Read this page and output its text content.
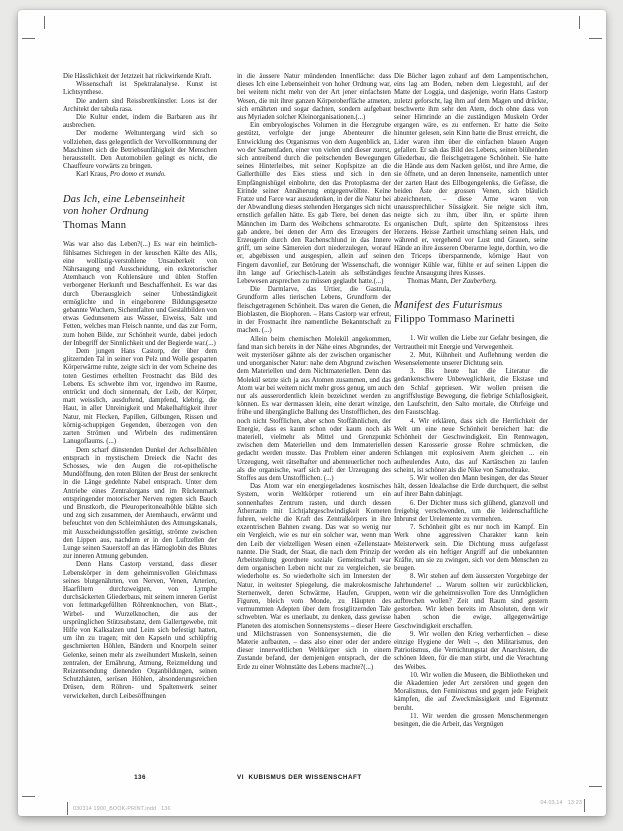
Die Hässlichkeit der Jetztzeit hat rückwirkende Kraft.

Wissenschaft ist Spektralanalyse. Kunst ist Lichtsynthese.

Die andern sind Reissbrettkünstler. Loos ist der Architekt der tabula rasa.

Die Kultur endet, indem die Barbaren aus ihr ausbrechen.

Der moderne Weltuntergang wird sich so vollziehen, dass gelegentlich der Vervollkommnung der Maschinen sich die Betriebsunfähigkeit der Menschen herausstellt. Den Automobilen gelingt es nicht, die Chauffeure vorwärts zu bringen.

Karl Kraus, Pro domo et mundo.

Das Ich, eine Lebenseinheit
von hoher Ordnung
Thomas Mann

Was war also das Leben?(...) Es war ein heimlich-fühlsames Sichregen in der keuschen Kälte des Alls, eine wollüstig-verstohlene Unsauberkeit von Nährsaugung und Ausscheidung, ein exkretorischer Atemhauch von Kohlensäure und üblen Stoffen verborgener Herkunft und Beschaffenheit. Es war das durch Überausgleich seiner Unbeständigkeit ermöglichte und in eingeborene Bildungsgesetze gebannte Wuchern, Sichentfalten und Gestaltbilden von etwas Gedunsenem aus Wasser, Eiweiss, Salz und Fetten, welches man Fleisch nannte, und das zur Form, zum hohen Bilde, zur Schönheit wurde, dabei jedoch der Inbegriff der Sinnlichkeit und der Begierde war.(...)

Dem jungen Hans Castorp, der über dem glitzernden Tal in seiner von Pelz und Wolle gesparten Körperwärme ruhte, zeigte sich in der vom Scheine des toten Gestirnes erhellten Frostnacht das Bild des Lebens. Es schwebte ihm vor, irgendwo im Raume, entrückt und doch sinnennah, der Leib, der Körper, matt weisslich, ausduftend, dampfend, klebrig, die Haut, in aller Unreinigkeit und Makelhaftigkeit ihrer Natur, mit Flecken, Papillen, Gilbungen, Rissen und körnig-schuppigen Gegenden, überzogen von den zarten Strömen und Wirbeln des rudimentären Lanugoflaums. (...)

Dem scharf dünstenden Dunkel der Achselhöhlen entsprach in mystischem Dreieck die Nacht des Schosses, wie den Augen die rot-epithelische Mundöffnung, den roten Blüten der Brust der senkrecht in die Länge gedehnte Nabel entsprach. Unter dem Antriebe eines Zentralorgans und im Rückenmark entspringender motorischer Nerven regten sich Bauch und Brustkorb, die Pleuroperitonealhöhle blähte sich und zog sich zusammen, der Atemhauch, erwärmt und befeuchtet von den Schleimhäuten des Atmungskanals, mit Ausscheidungsstoffen gesättigt, strömte zwischen den Lippen aus, nachdem er in den Luftzellen der Lunge seinen Sauerstoff an das Hämoglobin des Blutes zur inneren Atmung gebunden.

Denn Hans Castorp verstand, dass dieser Lebenskörper in dem geheimnisvollen Gleichmass seines blutgenährten, von Nerven, Venen, Arterien, Haarfiltern durchzweigten, von Lymphe durchsäckerten Gliederbaus, mit seinem inneren Gerüst von fettmarkgefüllten Röhrenknochen, von Blatt-, Wirbel- und Wurzelknochen, die aus der ursprünglichen Stützsubstanz, dem Gallertgewebe, mit Hilfe von Kalksalzen und Leim sich befestigt hatten, um ihn zu tragen; mit den Kapseln und schlüpfrig geschmierten Höhlen, Bändern und Knorpeln seiner Gelenke, seinen mehr als zweihundert Muskeln, seinen zentralen, der Ernährung, Atmung, Reizmeldung und Reizentsendung dienenden Organbildungen, seinen Schutzhäuten, serösen Höhlen, absonderungsreichen Drüsen, dem Röhren- und Spaltenwerk seiner verwickelten, durch Leibesöffnungen

in die äussere Natur mündenden Innenfläche: dass dieses Ich eine Lebenseinheit von hoher Ordnung war, bei weitem nicht mehr von der Art jener einfachsten Wesen, die mit ihrer ganzen Körperoberfläche atmeten, sich ernährten und sogar dachten, sondern aufgebaut aus Myriaden solcher Kleinorganisationen.(...)

Ein embryologisches Volumen in die Herzgrube gestützt, verfolgte der junge Abenteurer die Entwicklung des Organismus von dem Augenblick an, wo der Samenfaden, einer von vielen und dieser zuerst, sich antreibend durch die peitschenden Bewegungen seines Hinterleibes, mit seiner Kopfspitze an die Gallerthülle des Eies stiess und sich in den Empfängnishügel einbohrte, den das Protoplasma der Eirinde seiner Annäherung entgegenwölbte. Keine Fratze und Farce war auszudenken, in der die Natur bei der Abwandlung dieses stehenden Herganges sich nicht ernstlich gefallen hätte. Es gab Tiere, bei denen das Männchen im Darm des Weibchens schmarotzte. Es gab andere, bei denen der Arm des Erzeugers der Erzeugerin durch den Rachenschlund in das Innere griff, um seine Sämereien dort niederzulegen, worauf er, abgebissen und ausgespien, allein auf seinen Fingern davonlief, zur Betörung der Wissenschaft, die ihn lange auf Griechisch-Latein als selbständiges Lebewesen ansprechen zu müssen geglaubt hatte.(...)

Die Darmlarve, das Urtier, die Gastrula, Grundform alles tierischen Lebens, Grundform der fleischgetragenen Schönheit. Das waren die Genen, die Bioblasten, die Biophoren. – Hans Castorp war erfreut, in der Frostnacht ihre namentliche Bekanntschaft zu machen. (...)

Allein beim chemischen Molekül angekommen, fand man sich bereits in der Nähe eines Abgrundes, der weit mysteriöser gähnte als der zwischen organischer und unorganischer Natur: nahe dem Abgrund zwischen dem Materiellen und dem Nichtmateriellen. Denn das Molekül setzte sich ja aus Atomen zusammen, und das Atom war bei weitem nicht mehr gross genug, um auch nur als ausserordentlich klein bezeichnet werden zu können. Es war dermassen klein, eine derart winzige, frühe und übergängliche Ballung des Unstofflichen, des noch nicht Stofflichen, aber schon Stoffähnlichen, der Energie, dass es kaum schon oder kaum noch als materiell, vielmehr als Mittel und Grenzpunkt zwischen dem Materiellen und dem Immateriellen gedacht werden musste. Das Problem einer anderen Urzeugung, weit rätselhafter und abenteuerlicher noch als die organische, warf sich auf: der Urzeugung des Stoffes aus dem Unstofflichen. (...)

Das Atom war ein energiegeladenes kosmisches System, worin Weltkörper rotierend um ein sonnenhaftes Zentrum rasten, und durch dessen Ätherraum mit Lichtjahrgeschwindigkeit Kometen fuhren, welche die Kraft des Zentralkörpers in ihre exzentrischen Bahnen zwang. Das war so wenig nur ein Vergleich, wie es nur ein solcher war, wenn man den Leib der vielzelligen Wesen einen «Zellenstaat» nannte. Die Stadt, der Staat, die nach dem Prinzip der Arbeitsteilung geordnete soziale Gemeinschaft war dem organischen Leben nicht nur zu vergleichen, sie wiederholte es. So wiederholte sich im Innersten der Natur, in weitester Spiegelung, die makrokosmische Sternenwelt, deren Schwärme, Haufen, Gruppen, Figuren, bleich vom Monde, zu Häupten des vermummten Adepten über dem frostglitzernden Tale schwebten. War es unerlaubt, zu denken, dass gewisse Planeten des atomischen Sonnensystems – dieser Heere und Milchstrassen von Sonnensystemen, die die Materie aufbauten, – dass also einer oder der andere dieser innerweltlichen Weltkörper sich in einem Zustande befand, der demjenigen entsprach, der die Erde zu einer Wohnstätte des Lebens machte?(...)

Die Bücher lagen zuhauf auf dem Lampentischchen, eins lag am Boden, neben dem Liegestuhl, auf der Matte der Loggia, und dasjenige, worin Hans Castorp zuletzt geforscht, lag ihm auf dem Magen und drückte, beschwerte ihm sehr den Atem, doch ohne dass von seiner Hirnrinde an die zuständigen Muskeln Order ergangen wäre, es zu entfernen. Er hatte die Seite hinunter gelesen, sein Kinn hatte die Brust erreicht, die Lider waren ihm über die einfachen blauen Augen gefallen. Er sah das Bild des Lebens, seinen blühenden Gliederbau, die fleischgetragene Schönheit. Sie hatte die Hände aus dem Nacken gelöst, und ihre Arme, die sie öffnete, und an deren Innenseite, namentlich unter der zarten Haut des Ellbogengelenks, die Gefässe, die beiden Äste der grossen Venen, sich bläulich abzeichneten, – diese Arme waren von unaussprechlicher Süssigkeit. Sie neigte sich ihm, neigte sich zu ihm, über ihn, er spürte ihren organischen Duft, spürte den Spitzenstoss ihres Herzens. Heisse Zartheit umschlang seinen Hals, und während er, vergehend vor Lust und Grauen, seine Hände an ihre äusseren Oberarme legte, dorthin, wo die den Triceps überspannende, körnige Haut von wonniger Kühle war, fühlte er auf seinen Lippen die feuchte Ansaugung ihres Kusses.

Thomas Mann, Der Zauberberg.

Manifest des Futurismus
Filippo Tommaso Marinetti

1. Wir wollen die Liebe zur Gefahr besingen, die Vertrautheit mit Energie und Verwegenheit.

2. Mut, Kühnheit und Auflehnung werden die Wesenselemente unserer Dichtung sein.

3. Bis heute hat die Literatur die gedankenschwere Unbeweglichkeit, die Ekstase und den Schlaf gepriesen. Wir wollen preisen die angriffslustige Bewegung, die fiebrige Schlaflosigkeit, den Laufschritt, den Salto mortale, die Ohrfeige und den Faustschlag.

4. Wir erklären, dass sich die Herrlichkeit der Welt um eine neue Schönheit bereichert hat: die Schönheit der Geschwindigkeit. Ein Rennwagen, dessen Karosserie grosse Rohre schmücken, die Schlangen mit explosivem Atem gleichen ... ein aufheulendes Auto, das auf Kartätschen zu laufen scheint, ist schöner als die Nike von Samothrake.

5. Wir wollen den Mann besingen, der das Steuer hält, dessen Idealachse die Erde durchquert, die selbst auf ihrer Bahn dahinjagt.

6. Der Dichter muss sich glühend, glanzvoll und freigebig verschwenden, um die leidenschaftliche Inbrunst der Urelemente zu vermehren.

7. Schönheit gibt es nur noch im Kampf. Ein Werk ohne aggressiven Charakter kann kein Meisterwerk sein. Die Dichtung muss aufgefasst werden als ein heftiger Angriff auf die unbekannten Kräfte, um sie zu zwingen, sich vor dem Menschen zu beugen.

8. Wir stehen auf dem äussersten Vorgebirge der Jahrhunderte! ... Warum sollten wir zurückblicken, wenn wir die geheimnisvollen Tore des Unmöglichen aufbrechen wollen? Zeit und Raum sind gestern gestorben. Wir leben bereits im Absoluten, denn wir haben schon die ewige, allgegenwärtige Geschwindigkeit erschaffen.

9. Wir wollen den Krieg verherrlichen – diese einzige Hygiene der Welt –, den Militarismus, den Patriotismus, die Vernichtungstat der Anarchisten, die schönen Ideen, für die man stirbt, und die Verachtung des Weibes.

10. Wir wollen die Museen, die Bibliotheken und die Akademien jeder Art zerstören und gegen den Moralismus, den Feminismus und gegen jede Feigheit kämpfen, die auf Zweckmässigkeit und Eigennutz beruht.

11. Wir werden die grossen Menschenmengen besingen, die die Arbeit, das Vergnügen

136	VI  KUBISMUS DER WISSENSCHAFT
030314 1900_BOOK-PRINT.indd   136
04.03.14   13:23
